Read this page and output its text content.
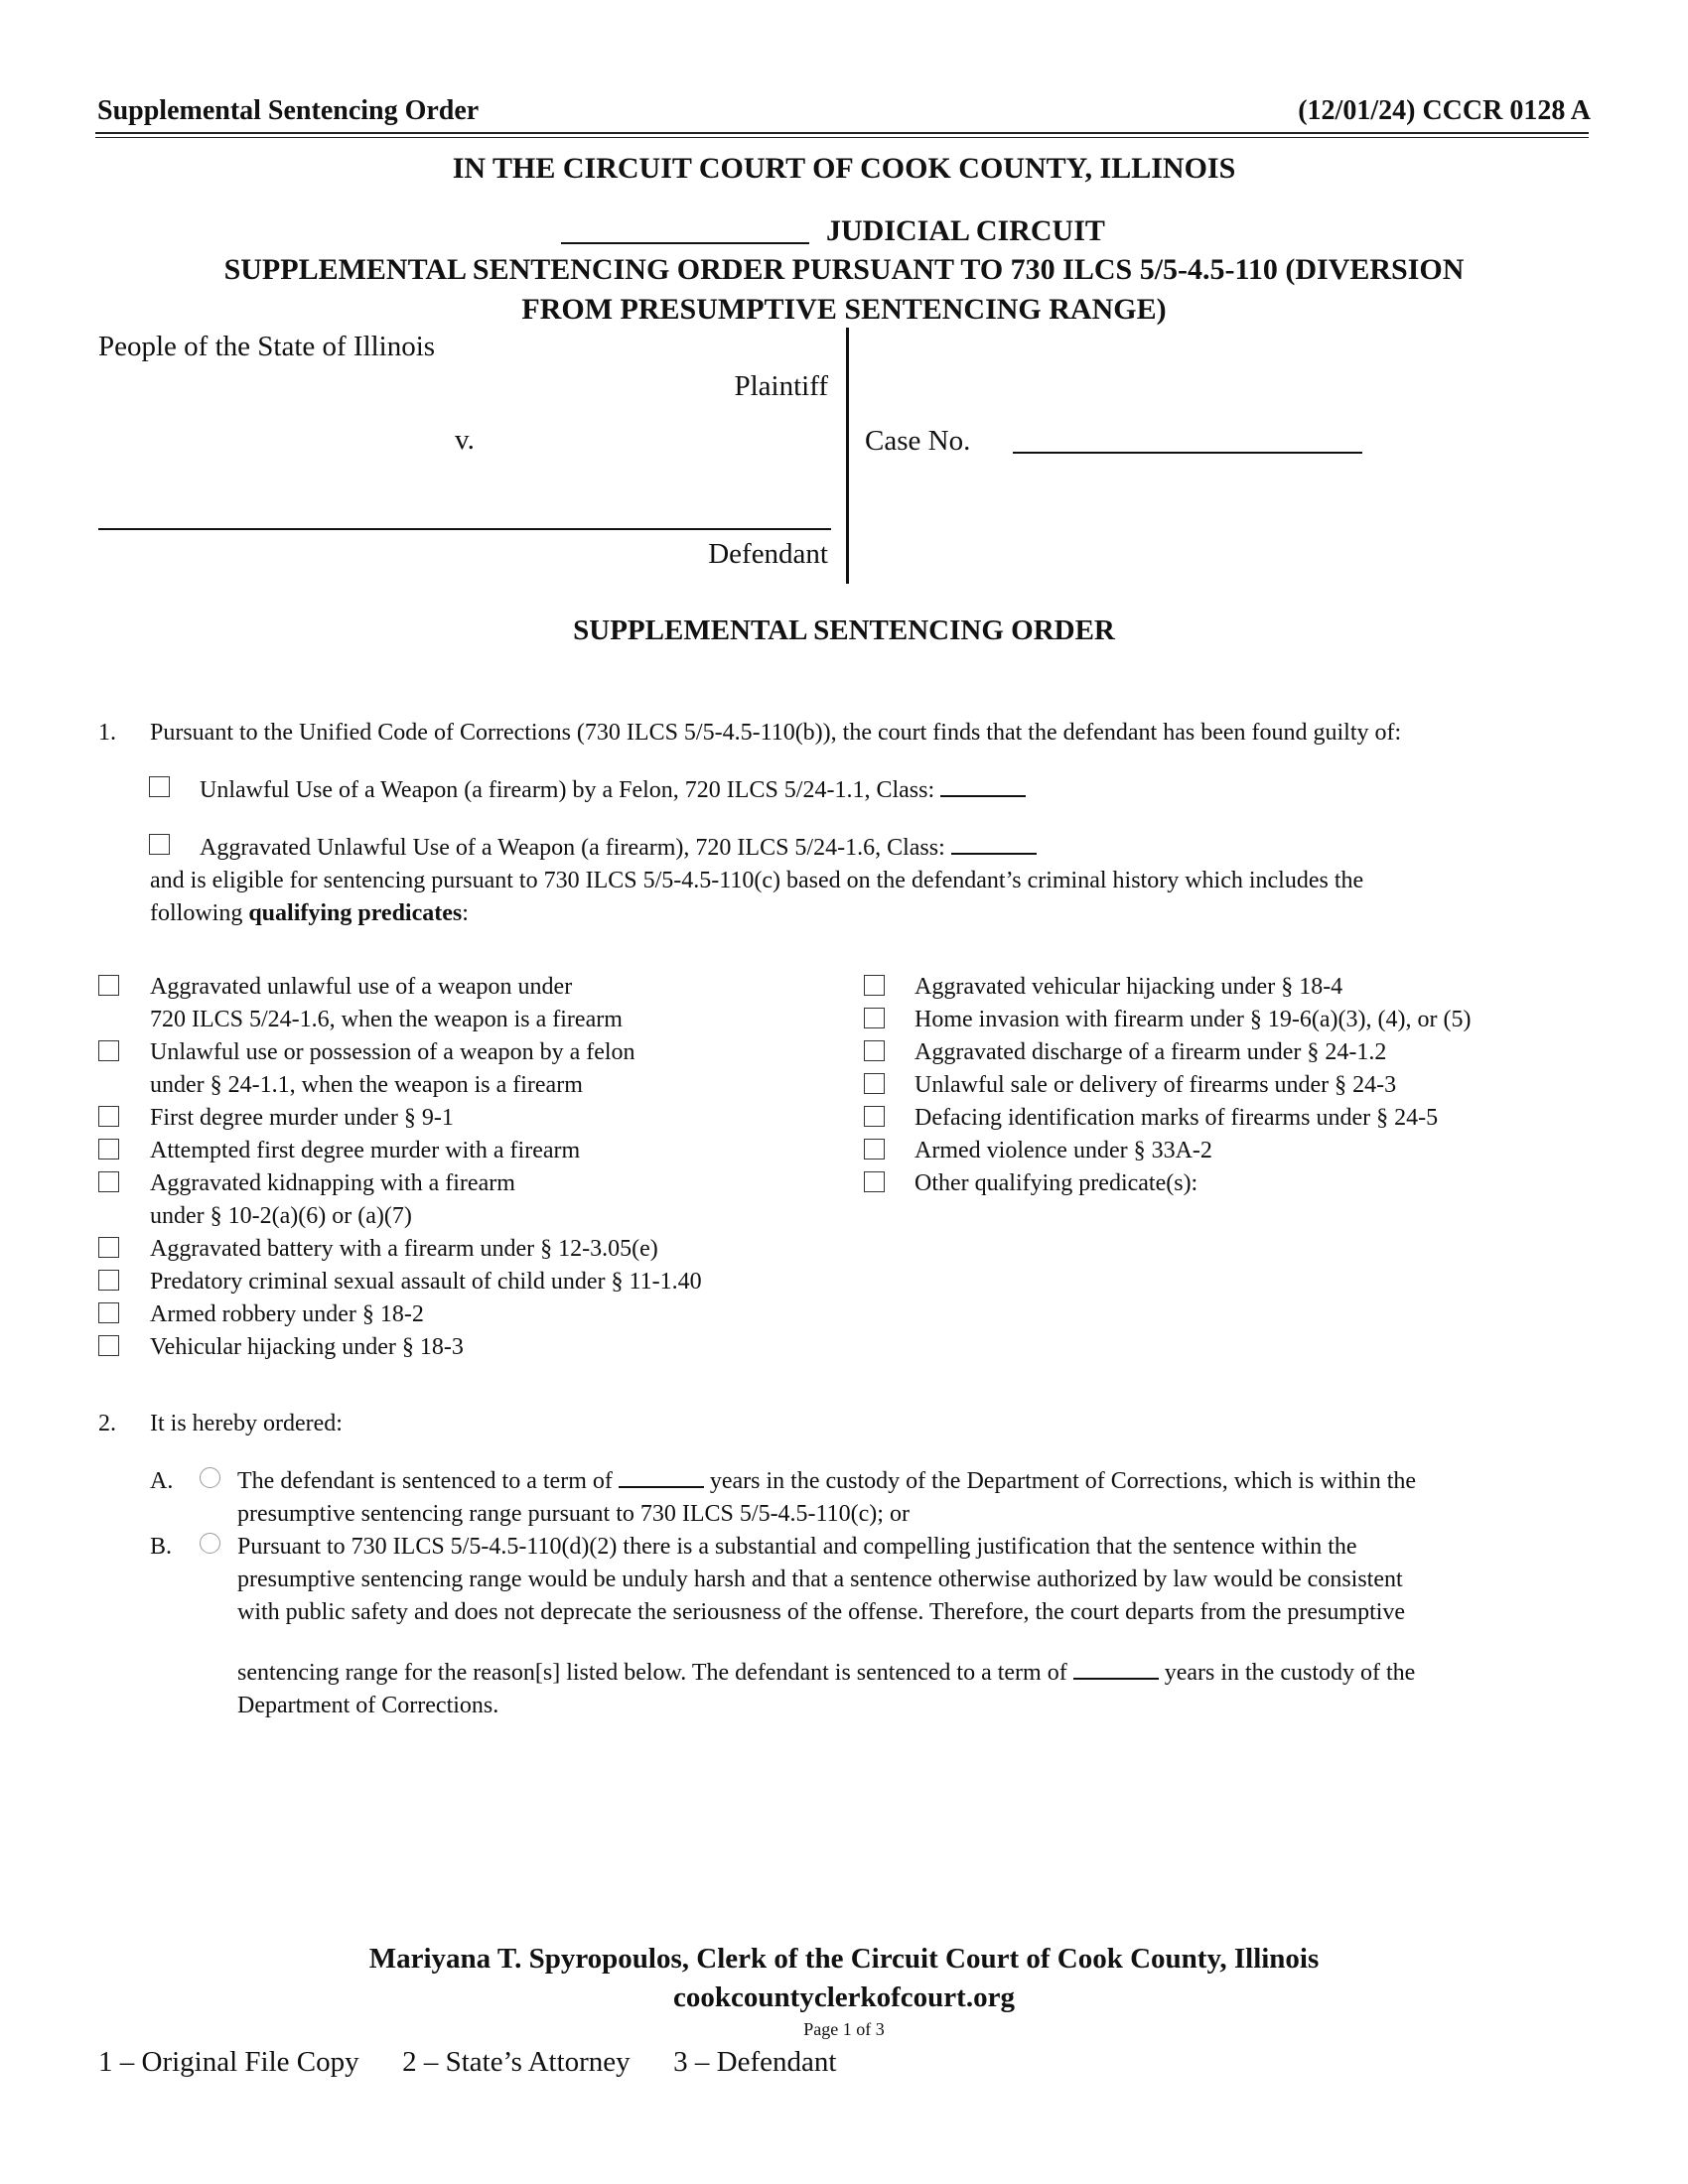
Supplemental Sentencing Order	(12/01/24) CCCR 0128 A
IN THE CIRCUIT COURT OF COOK COUNTY, ILLINOIS
JUDICIAL CIRCUIT
SUPPLEMENTAL SENTENCING ORDER PURSUANT TO 730 ILCS 5/5-4.5-110 (DIVERSION
FROM PRESUMPTIVE SENTENCING RANGE)
People of the State of Illinois
Plaintiff
v.
Defendant
Case No.
SUPPLEMENTAL SENTENCING ORDER
1. Pursuant to the Unified Code of Corrections (730 ILCS 5/5-4.5-110(b)), the court finds that the defendant has been found guilty of:
Unlawful Use of a Weapon (a firearm) by a Felon, 720 ILCS 5/24-1.1, Class:
Aggravated Unlawful Use of a Weapon (a firearm), 720 ILCS 5/24-1.6, Class:
and is eligible for sentencing pursuant to 730 ILCS 5/5-4.5-110(c) based on the defendant’s criminal history which includes the
following qualifying predicates:
Aggravated unlawful use of a weapon under
720 ILCS 5/24-1.6, when the weapon is a firearm
Unlawful use or possession of a weapon by a felon
under § 24-1.1, when the weapon is a firearm
First degree murder under § 9-1
Attempted first degree murder with a firearm
Aggravated kidnapping with a firearm
under § 10-2(a)(6) or (a)(7)
Aggravated battery with a firearm under § 12-3.05(e)
Predatory criminal sexual assault of child under § 11-1.40
Armed robbery under § 18-2
Vehicular hijacking under § 18-3
Aggravated vehicular hijacking under § 18-4
Home invasion with firearm under § 19-6(a)(3), (4), or (5)
Aggravated discharge of a firearm under § 24-1.2
Unlawful sale or delivery of firearms under § 24-3
Defacing identification marks of firearms under § 24-5
Armed violence under § 33A-2
Other qualifying predicate(s):
2. It is hereby ordered:
A.	The defendant is sentenced to a term of	years in the custody of the Department of Corrections, which is within the
presumptive sentencing range pursuant to 730 ILCS 5/5-4.5-110(c); or
B.	Pursuant to 730 ILCS 5/5-4.5-110(d)(2) there is a substantial and compelling justification that the sentence within the
presumptive sentencing range would be unduly harsh and that a sentence otherwise authorized by law would be consistent
with public safety and does not deprecate the seriousness of the offense. Therefore, the court departs from the presumptive
sentencing range for the reason[s] listed below. The defendant is sentenced to a term of	years in the custody of the
Department of Corrections.
Mariyana T. Spyropoulos, Clerk of the Circuit Court of Cook County, Illinois
cookcountyclerkofcourt.org
Page 1 of 3
1 – Original File Copy      2 – State’s Attorney      3 – Defendant
